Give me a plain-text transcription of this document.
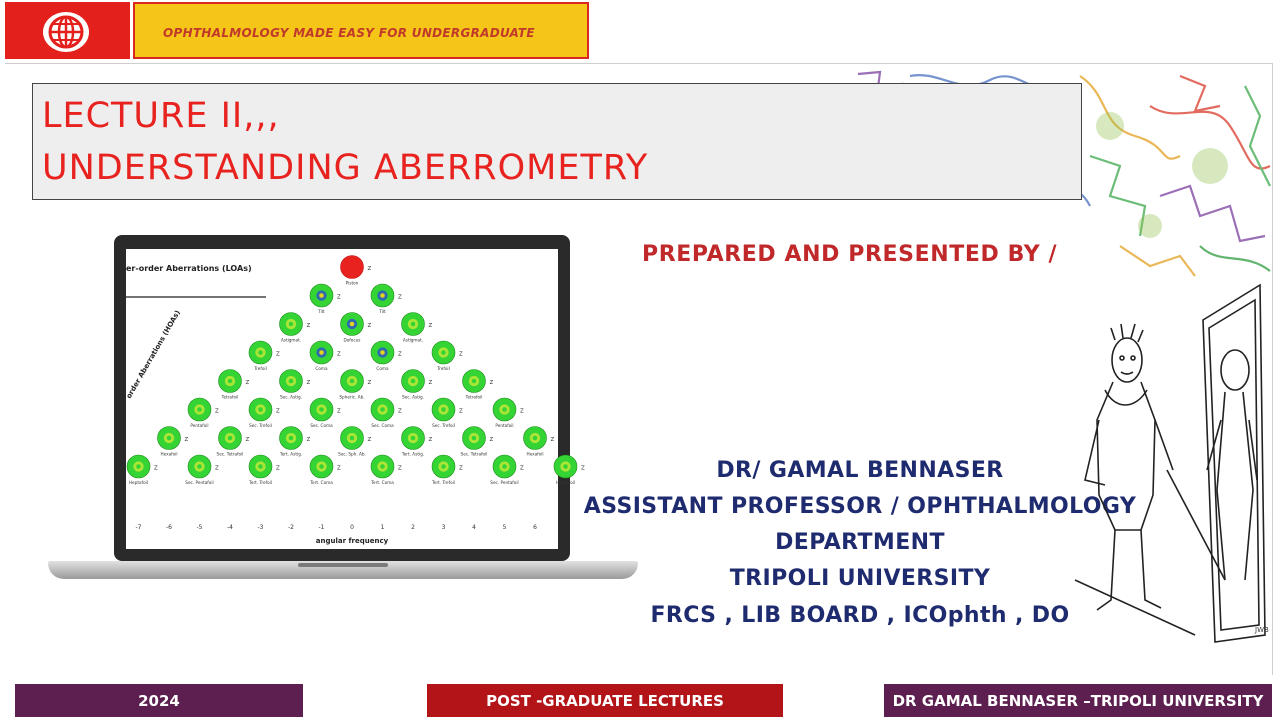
OPHTHALMOLOGY MADE EASY FOR UNDERGRADUATE
LECTURE II,,,
UNDERSTANDING ABERROMETRY
Z
Piston
Z
Tilt
Z
Tilt
Z
Astigmat.
Z
Defocus
Z
Astigmat.
Z
Trefoil
Z
Coma
Z
Coma
Z
Trefoil
Z
Tetrafoil
Z
Sec. Astig.
Z
Spheric. Ab.
Z
Sec. Astig.
Z
Tetrafoil
Z
Pentafoil
Z
Sec. Trefoil
Z
Sec. Coma
Z
Sec. Coma
Z
Sec. Trefoil
Z
Pentafoil
Z
Hexafoil
Z
Sec. Tetrafoil
Z
Tert. Astig.
Z
Sec. Sph. Ab.
Z
Tert. Astig.
Z
Sec. Tetrafoil
Z
Hexafoil
Z
Heptafoil
Z
Sec. Pentafoil
Z
Tert. Trefoil
Z
Tert. Coma
Z
Tert. Coma
Z
Tert. Trefoil
Z
Sec. Pentafoil
Z
Heptafoil
er-order Aberrations (LOAs)
order Aberrations (HOAs)
-7	-6	-5	-4	-3	-2	-1	0	1	2	3	4	5	6
angular frequency
PREPARED AND PRESENTED BY /
DR/ GAMAL BENNASER
ASSISTANT PROFESSOR / OPHTHALMOLOGY
DEPARTMENT
TRIPOLI UNIVERSITY
FRCS , LIB BOARD , ICOphth , DO
JWB
2024	POST -GRADUATE LECTURES	DR GAMAL BENNASER –TRIPOLI UNIVERSITY
